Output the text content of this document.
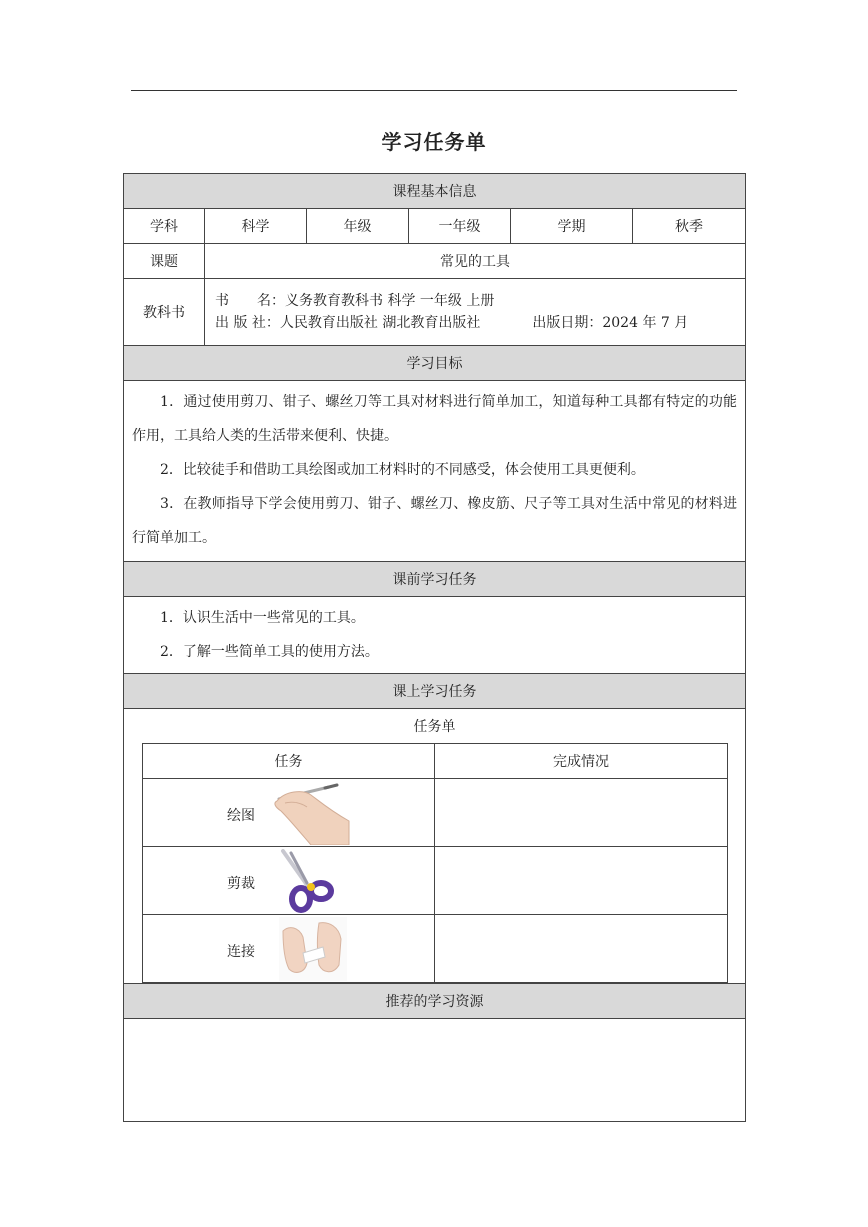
学习任务单
课程基本信息
学科	科学	年级	一年级	学期	秋季
课题	常见的工具
教科书	
书　　名：义务教育教科书 科学 一年级 上册
出 版 社：人民教育出版社 湖北教育出版社	出版日期：2024 年 7 月

学习目标

1．通过使用剪刀、钳子、螺丝刀等工具对材料进行简单加工，知道每种工具都有特定的功能作用，工具给人类的生活带来便利、快捷。

2．比较徒手和借助工具绘图或加工材料时的不同感受，体会使用工具更便利。

3．在教师指导下学会使用剪刀、钳子、螺丝刀、橡皮筋、尺子等工具对生活中常见的材料进行简单加工。

课前学习任务

1．认识生活中一些常见的工具。

2．了解一些简单工具的使用方法。

课上学习任务

任务单
任务	完成情况

绘图

剪裁

连接

推荐的学习资源
